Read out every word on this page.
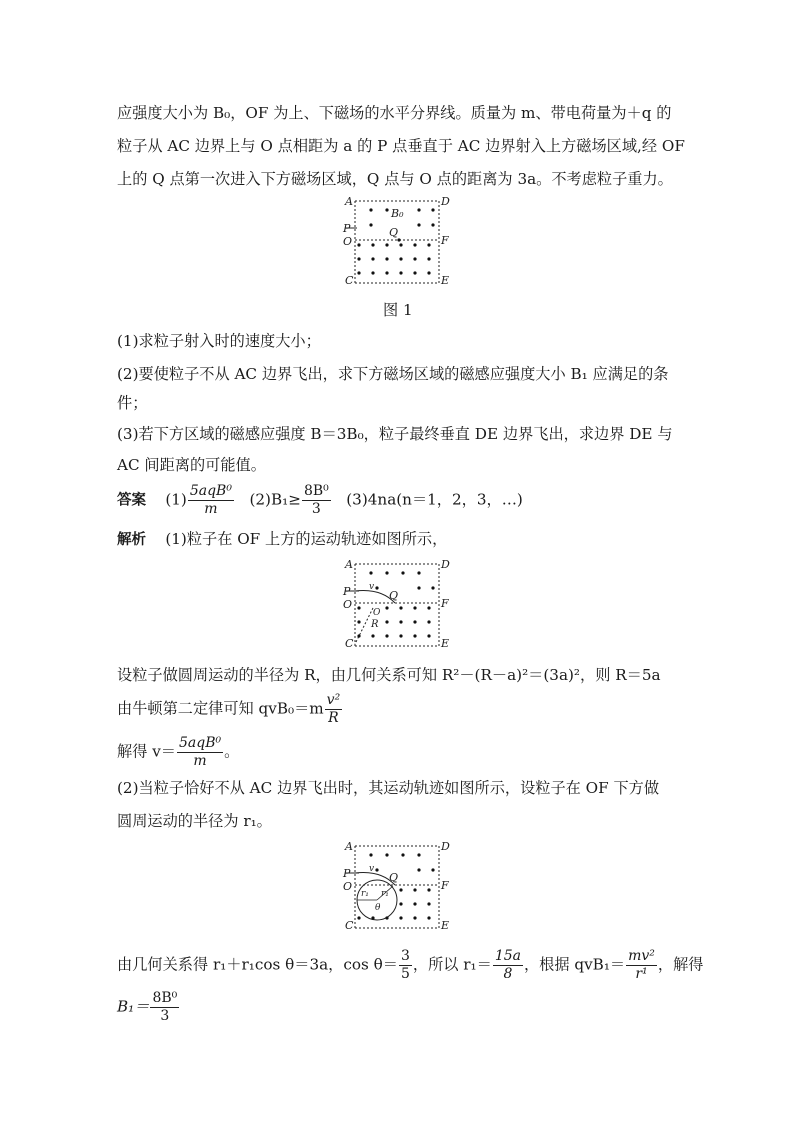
应强度大小为 B₀，OF 为上、下磁场的水平分界线。质量为 m、带电荷量为＋q 的
粒子从 AC 边界上与 O 点相距为 a 的 P 点垂直于 AC 边界射入上方磁场区域,经 OF
上的 Q 点第一次进入下方磁场区域，Q 点与 O 点的距离为 3a。不考虑粒子重力。
A	D
P
O	F
C	E
Q
B₀
图 1
(1)求粒子射入时的速度大小；
(2)要使粒子不从 AC 边界飞出，求下方磁场区域的磁感应强度大小 B₁ 应满足的条
件；
(3)若下方区域的磁感应强度 B＝3B₀，粒子最终垂直 DE 边界飞出，求边界 DE 与
AC 间距离的可能值。
答案 $(1) \frac{\text{5aqB⁰}}{m} (2)B_1\ge \frac{\text{8B⁰}}{3} (3)4na(n=1$，2，3，…)
解析 (1)粒子在 OF 上方的运动轨迹如图所示，
A	D
P
O	F
C	E
Q
v
O
R
设粒子做圆周运动的半径为 R，由几何关系可知 R²－(R－a)²＝(3a)²，则 R＝5a
由牛顿第二定律可知 $qvB_0=m \frac{\text{v²}}{R}$
解得 $v= \frac{\text{5aqB⁰}}{m}$ 。
(2)当粒子恰好不从 AC 边界飞出时，其运动轨迹如图所示，设粒子在 OF 下方做
圆周运动的半径为 r₁。
A	D
P
O	F
C	E
Q
v
r₁ r₁
θ
由几何关系得 r₁＋r₁cos θ＝3a，$\cos \theta= \frac{3}{5}$ ，所以 $r_1= \frac{15a}{8}$ ，根据 $qvB_1= \frac{\text{mv²}}{\text{r¹}}$ ，解得
$B_1= \frac{\text{8B⁰}}{3}$
